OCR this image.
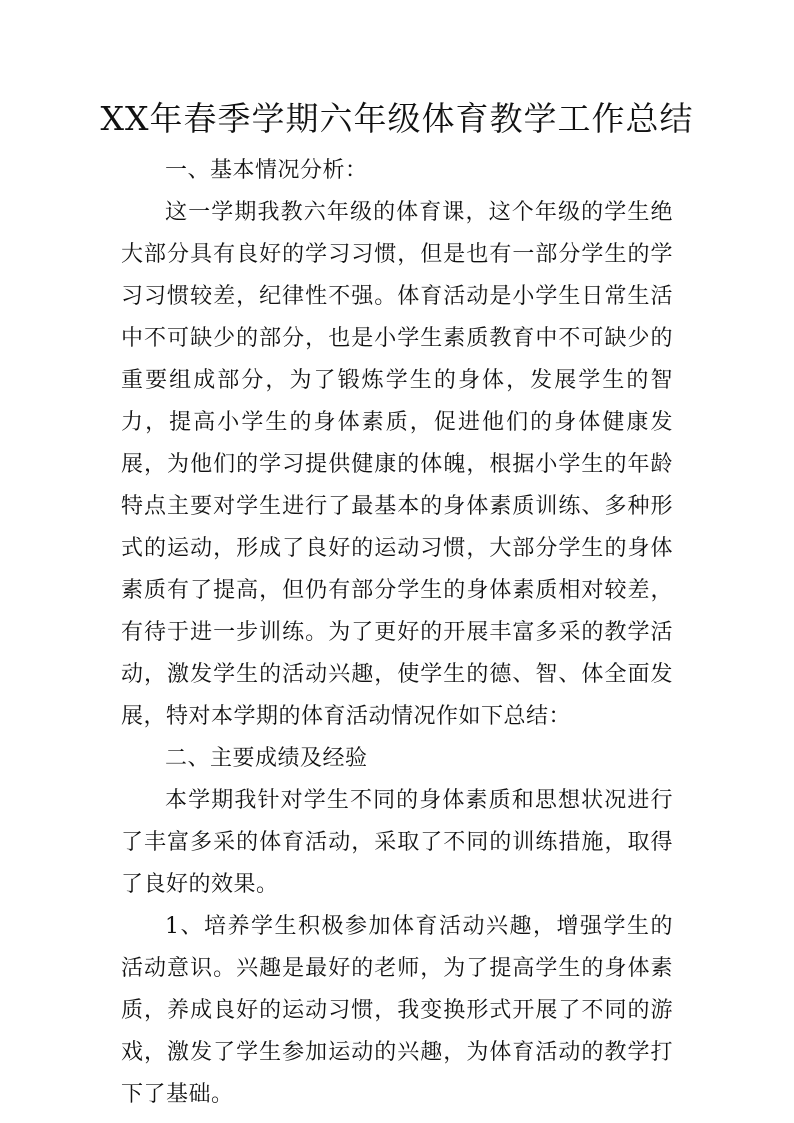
XX年春季学期六年级体育教学工作总结

一、基本情况分析：

这一学期我教六年级的体育课，这个年级的学生绝大部分具有良好的学习习惯，但是也有一部分学生的学习习惯较差，纪律性不强。体育活动是小学生日常生活中不可缺少的部分，也是小学生素质教育中不可缺少的重要组成部分，为了锻炼学生的身体，发展学生的智力，提高小学生的身体素质，促进他们的身体健康发展，为他们的学习提供健康的体魄，根据小学生的年龄特点主要对学生进行了最基本的身体素质训练、多种形式的运动，形成了良好的运动习惯，大部分学生的身体素质有了提高，但仍有部分学生的身体素质相对较差，有待于进一步训练。为了更好的开展丰富多采的教学活动，激发学生的活动兴趣，使学生的德、智、体全面发展，特对本学期的体育活动情况作如下总结：

二、主要成绩及经验

本学期我针对学生不同的身体素质和思想状况进行了丰富多采的体育活动，采取了不同的训练措施，取得了良好的效果。

1、培养学生积极参加体育活动兴趣，增强学生的活动意识。兴趣是最好的老师，为了提高学生的身体素质，养成良好的运动习惯，我变换形式开展了不同的游戏，激发了学生参加运动的兴趣，为体育活动的教学打下了基础。
